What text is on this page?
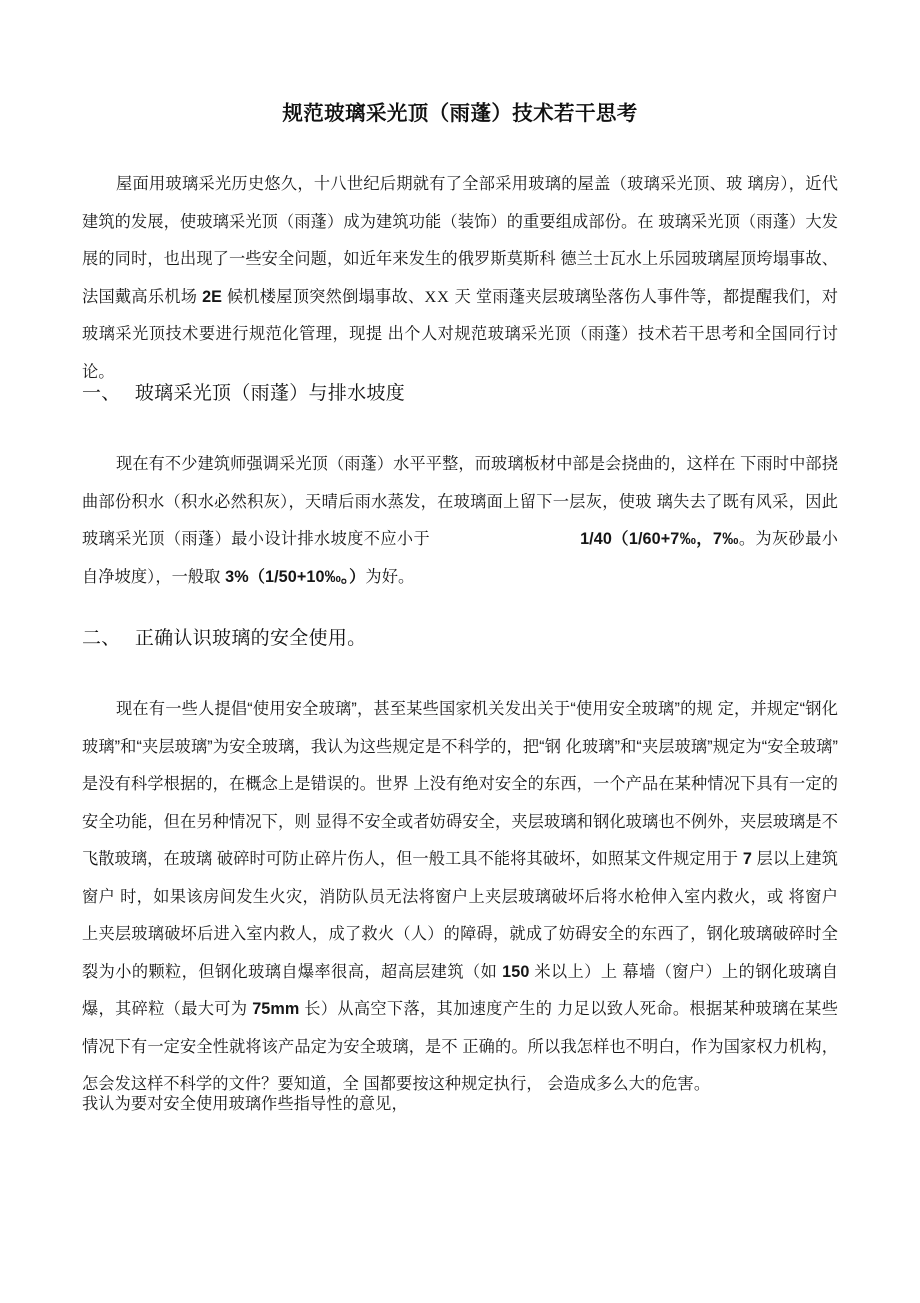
规范玻璃采光顶（雨蓬）技术若干思考

屋面用玻璃采光历史悠久，十八世纪后期就有了全部采用玻璃的屋盖（玻璃采光顶、玻 璃房），近代建筑的发展，使玻璃采光顶（雨蓬）成为建筑功能（装饰）的重要组成部份。在 玻璃采光顶（雨蓬）大发展的同时，也出现了一些安全问题，如近年来发生的俄罗斯莫斯科 德兰士瓦水上乐园玻璃屋顶垮塌事故、法国戴高乐机场 2E 候机楼屋顶突然倒塌事故、XX 天 堂雨蓬夹层玻璃坠落伤人事件等，都提醒我们，对玻璃采光顶技术要进行规范化管理，现提 出个人对规范玻璃采光顶（雨蓬）技术若干思考和全国同行讨论。

一、 玻璃采光顶（雨蓬）与排水坡度

现在有不少建筑师强调采光顶（雨蓬）水平平整，而玻璃板材中部是会挠曲的，这样在 下雨时中部挠曲部份积水（积水必然积灰），天晴后雨水蒸发，在玻璃面上留下一层灰，使玻 璃失去了既有风采，因此玻璃采光顶（雨蓬）最小设计排水坡度不应小于	1/40（1/60+7‰，7‰。为灰砂最小自净坡度），一般取 3%（1/50+10‰。）为好。

二、 正确认识玻璃的安全使用。

现在有一些人提倡“使用安全玻璃”，甚至某些国家机关发出关于“使用安全玻璃”的规 定，并规定“钢化玻璃”和“夹层玻璃”为安全玻璃，我认为这些规定是不科学的，把“钢 化玻璃”和“夹层玻璃”规定为“安全玻璃”是没有科学根据的，在概念上是错误的。世界 上没有绝对安全的东西，一个产品在某种情况下具有一定的安全功能，但在另种情况下，则 显得不安全或者妨碍安全，夹层玻璃和钢化玻璃也不例外，夹层玻璃是不飞散玻璃，在玻璃 破碎时可防止碎片伤人，但一般工具不能将其破坏，如照某文件规定用于 7 层以上建筑窗户 时，如果该房间发生火灾，消防队员无法将窗户上夹层玻璃破坏后将水枪伸入室内救火，或 将窗户上夹层玻璃破坏后进入室内救人，成了救火（人）的障碍，就成了妨碍安全的东西了，钢化玻璃破碎时全裂为小的颗粒，但钢化玻璃自爆率很高，超高层建筑（如 150 米以上）上 幕墙（窗户）上的钢化玻璃自爆，其碎粒（最大可为 75mm 长）从高空下落，其加速度产生的 力足以致人死命。根据某种玻璃在某些情况下有一定安全性就将该产品定为安全玻璃，是不 正确的。所以我怎样也不明白，作为国家权力机构，怎会发这样不科学的文件？要知道，全 国都要按这种规定执行， 会造成多么大的危害。

我认为要对安全使用玻璃作些指导性的意见，
